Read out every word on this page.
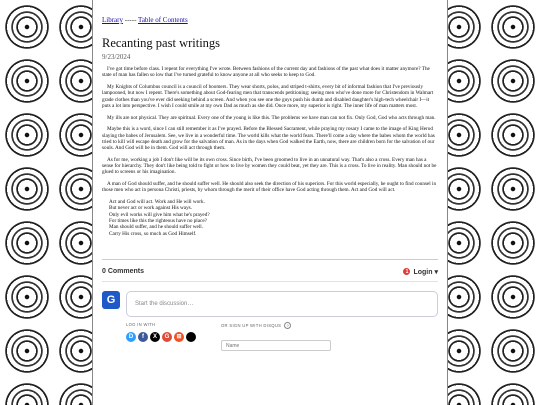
Library ----- Table of Contents
Recanting past writings
9/23/2024

I've got time before class. I repent for everything I've wrote. Between fashions of the current day and fashions of the past what does it matter anymore? The state of man has fallen so low that I've turned grateful to know anyone at all who seeks to keep to God.

My Knights of Columbus council is a council of boomers. They wear shorts, polos, and striped t-shirts, every bit of informal fashion that I've previously lampooned, but now I repent. There's something about God-fearing men that transcends petitioning; seeing men who've done more for Christendom in Walmart grade clothes than you've ever did seeking behind a screen. And when you see one the guys push his dumb and disabled daughter's high-tech wheelchair I—it puts a lot into perspective. I wish I could smile at my own Dad as much as she did. Once more, my superior is right. The inner life of man matters most.

My ills are not physical. They are spiritual. Every one of the young is like this. The problems we have man can not fix. Only God, God who acts through man.

Maybe this is a word, since I can still remember it as I've prayed. Before the Blessed Sacrament, while praying my rosary I came to the image of King Herod slaying the babes of Jerusalem. See, we live in a wonderful time. The world kills what the world fears. There'll come a day where the babes whom the world has tried to kill will escape death and grow for the salvation of man. As in the days when God walked the Earth, now, there are children born for the salvation of our souls. And God will be in them. God will act through them.

As for me, working a job I don't like will be its own cross. Since birth, I've been groomed to live in an unnatural way. That's also a cross. Every man has a sense for hierarchy. They don't like being told to fight or how to live by women they could beat, yet they are. This is a cross. To live in reality. Man should not be glued to screens or his imagination.

A man of God should suffer, and he should suffer well. He should also seek the direction of his superiors. For this world especially, he ought to find counsel in those men who act in persona Christi, priests, by whom through the merit of their office have God acting through them. Act and God will act.

Act and God will act. Work and He will work.
But never act or work against His ways.
Only evil works will give him what he's prayed?
For times like this the righteous have no place?
Man should suffer, and he should suffer well.
Carry His cross, so much as God Himself.
0 Comments	1 Login ▾
G	Start the discussion…
LOG IN WITH
D	f	X	G	⊞
OR SIGN UP WITH DISQUS	?
Name
